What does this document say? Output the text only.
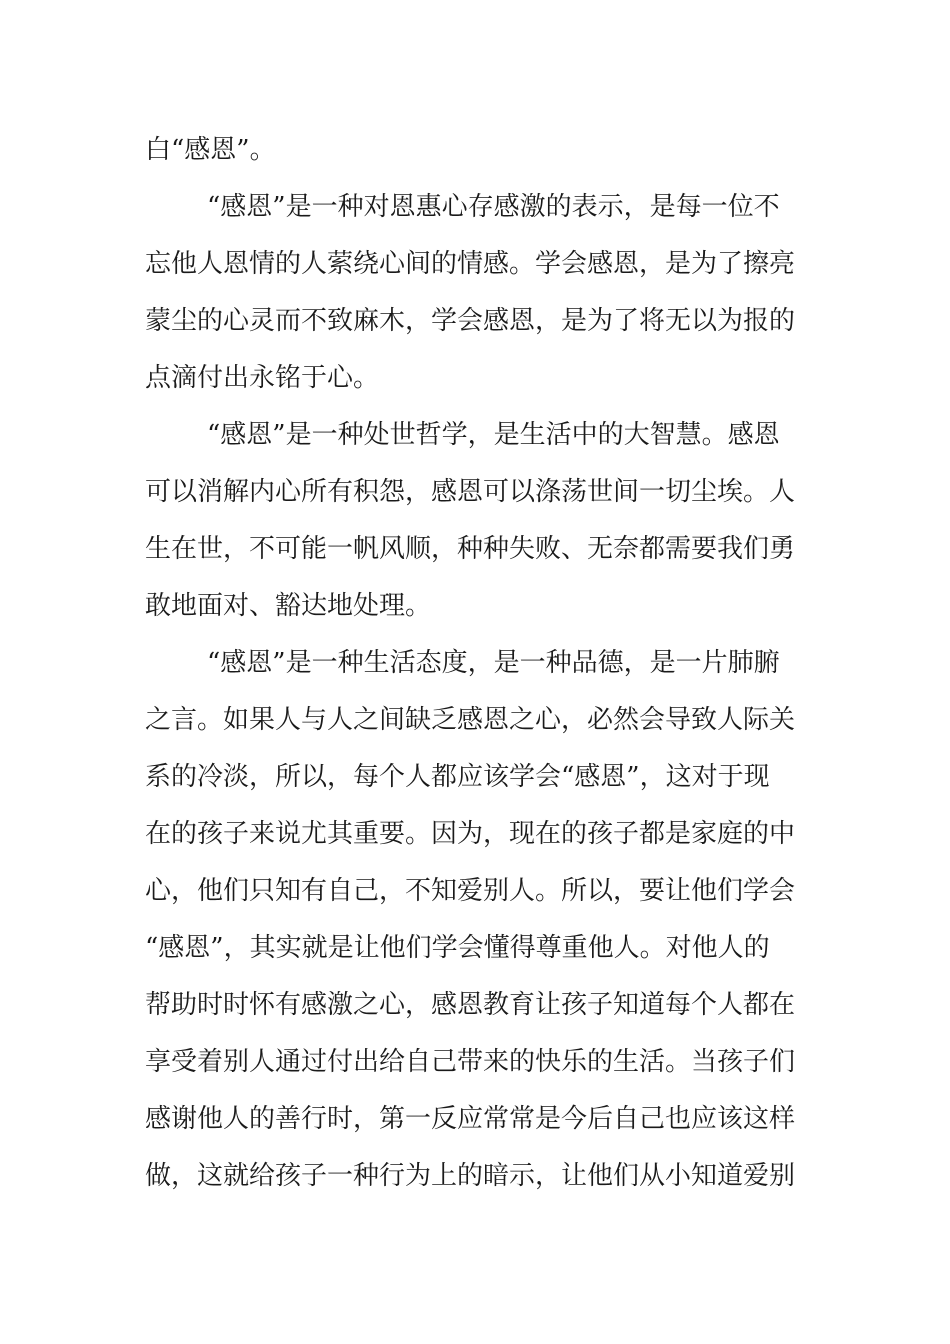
白“感恩”。
“感恩”是一种对恩惠心存感激的表示，是每一位不
忘他人恩情的人萦绕心间的情感。学会感恩，是为了擦亮
蒙尘的心灵而不致麻木，学会感恩，是为了将无以为报的
点滴付出永铭于心。
“感恩”是一种处世哲学，是生活中的大智慧。感恩
可以消解内心所有积怨，感恩可以涤荡世间一切尘埃。人
生在世，不可能一帆风顺，种种失败、无奈都需要我们勇
敢地面对、豁达地处理。
“感恩”是一种生活态度，是一种品德，是一片肺腑
之言。如果人与人之间缺乏感恩之心，必然会导致人际关
系的冷淡，所以，每个人都应该学会“感恩”，这对于现
在的孩子来说尤其重要。因为，现在的孩子都是家庭的中
心，他们只知有自己，不知爱别人。所以，要让他们学会
“感恩”，其实就是让他们学会懂得尊重他人。对他人的
帮助时时怀有感激之心，感恩教育让孩子知道每个人都在
享受着别人通过付出给自己带来的快乐的生活。当孩子们
感谢他人的善行时，第一反应常常是今后自己也应该这样
做，这就给孩子一种行为上的暗示，让他们从小知道爱别
